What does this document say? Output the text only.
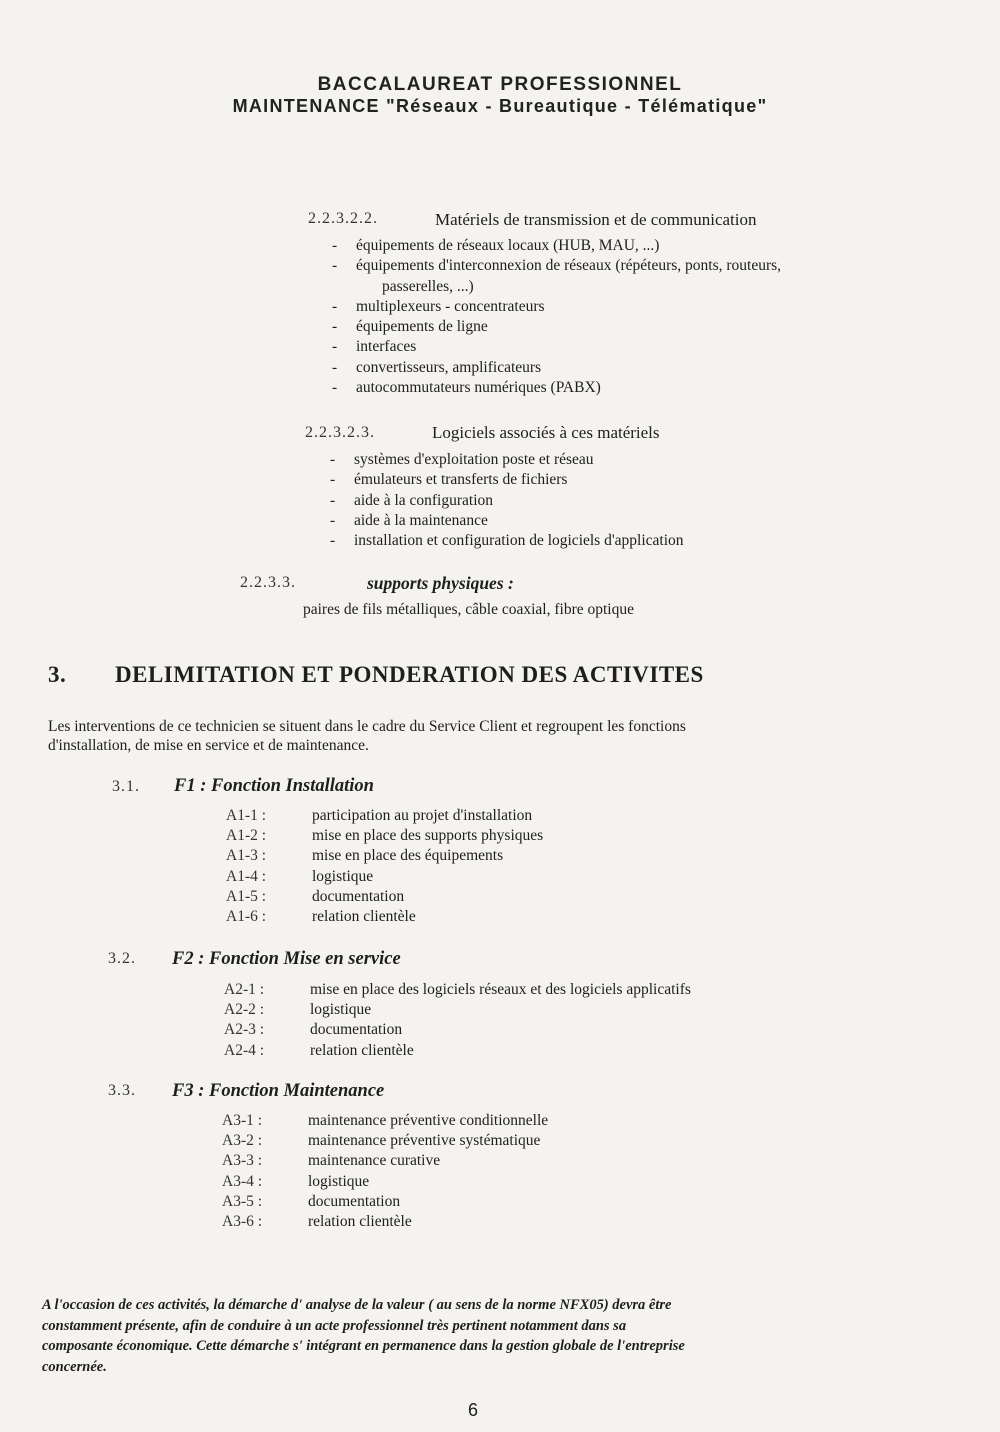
BACCALAUREAT PROFESSIONNEL
MAINTENANCE "Réseaux - Bureautique - Télématique"
2.2.3.2.2.	Matériels de transmission et de communication
- équipements de réseaux locaux (HUB, MAU, ...)
- équipements d'interconnexion de réseaux (répéteurs, ponts, routeurs,
passerelles, ...)
- multiplexeurs - concentrateurs
- équipements de ligne
- interfaces
- convertisseurs, amplificateurs
- autocommutateurs numériques (PABX)
2.2.3.2.3.	Logiciels associés à ces matériels
- systèmes d'exploitation poste et réseau
- émulateurs et transferts de fichiers
- aide à la configuration
- aide à la maintenance
- installation et configuration de logiciels d'application
2.2.3.3.	supports physiques :
paires de fils métalliques, câble coaxial, fibre optique
3. DELIMITATION ET PONDERATION DES ACTIVITES
Les interventions de ce technicien se situent dans le cadre du Service Client et regroupent les fonctions
d'installation, de mise en service et de maintenance.
3.1. F1 : Fonction Installation
A1-1 :	participation au projet d'installation
A1-2 :	mise en place des supports physiques
A1-3 :	mise en place des équipements
A1-4 :	logistique
A1-5 :	documentation
A1-6 :	relation clientèle
3.2. F2 : Fonction Mise en service
A2-1 :	mise en place des logiciels réseaux et des logiciels applicatifs
A2-2 :	logistique
A2-3 :	documentation
A2-4 :	relation clientèle
3.3. F3 : Fonction Maintenance
A3-1 :	maintenance préventive conditionnelle
A3-2 :	maintenance préventive systématique
A3-3 :	maintenance curative
A3-4 :	logistique
A3-5 :	documentation
A3-6 :	relation clientèle
A l'occasion de ces activités, la démarche d' analyse de la valeur ( au sens de la norme NFX05) devra être
constamment présente, afin de conduire à un acte professionnel très pertinent notamment dans sa
composante économique. Cette démarche s' intégrant en permanence dans la gestion globale de l'entreprise
concernée.
6
